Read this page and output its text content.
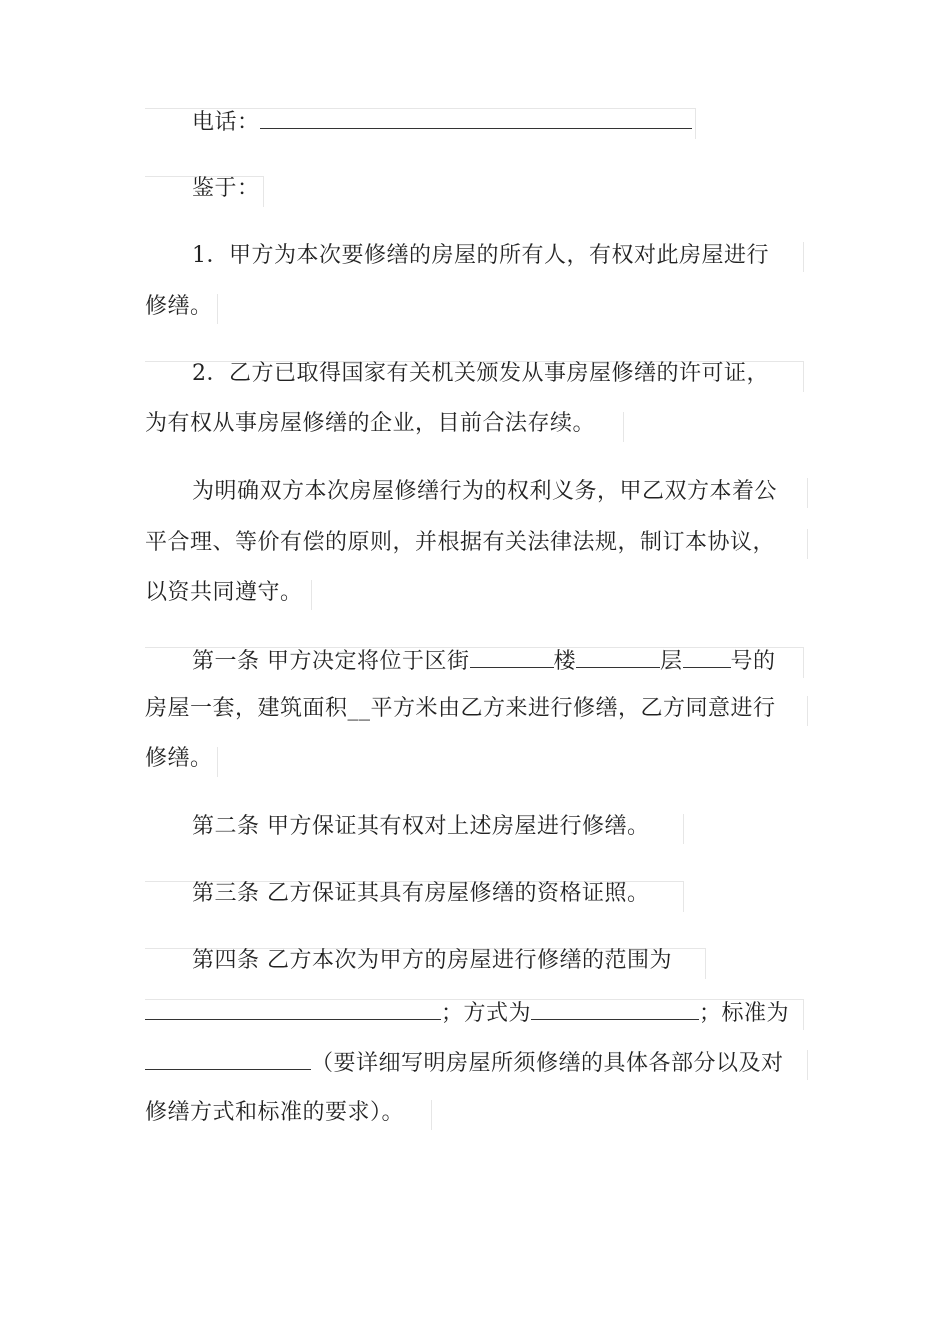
电话：
鉴于：
1．甲方为本次要修缮的房屋的所有人，有权对此房屋进行
修缮。
2．乙方已取得国家有关机关颁发从事房屋修缮的许可证，
为有权从事房屋修缮的企业，目前合法存续。
为明确双方本次房屋修缮行为的权利义务，甲乙双方本着公
平合理、等价有偿的原则，并根据有关法律法规，制订本协议，
以资共同遵守。
第一条 甲方决定将位于区街	楼	层 号的
房屋一套，建筑面积__平方米由乙方来进行修缮，乙方同意进行
修缮。
第二条 甲方保证其有权对上述房屋进行修缮。
第三条 乙方保证其具有房屋修缮的资格证照。
第四条 乙方本次为甲方的房屋进行修缮的范围为
；方式为	；标准为
（要详细写明房屋所须修缮的具体各部分以及对
修缮方式和标准的要求）。
